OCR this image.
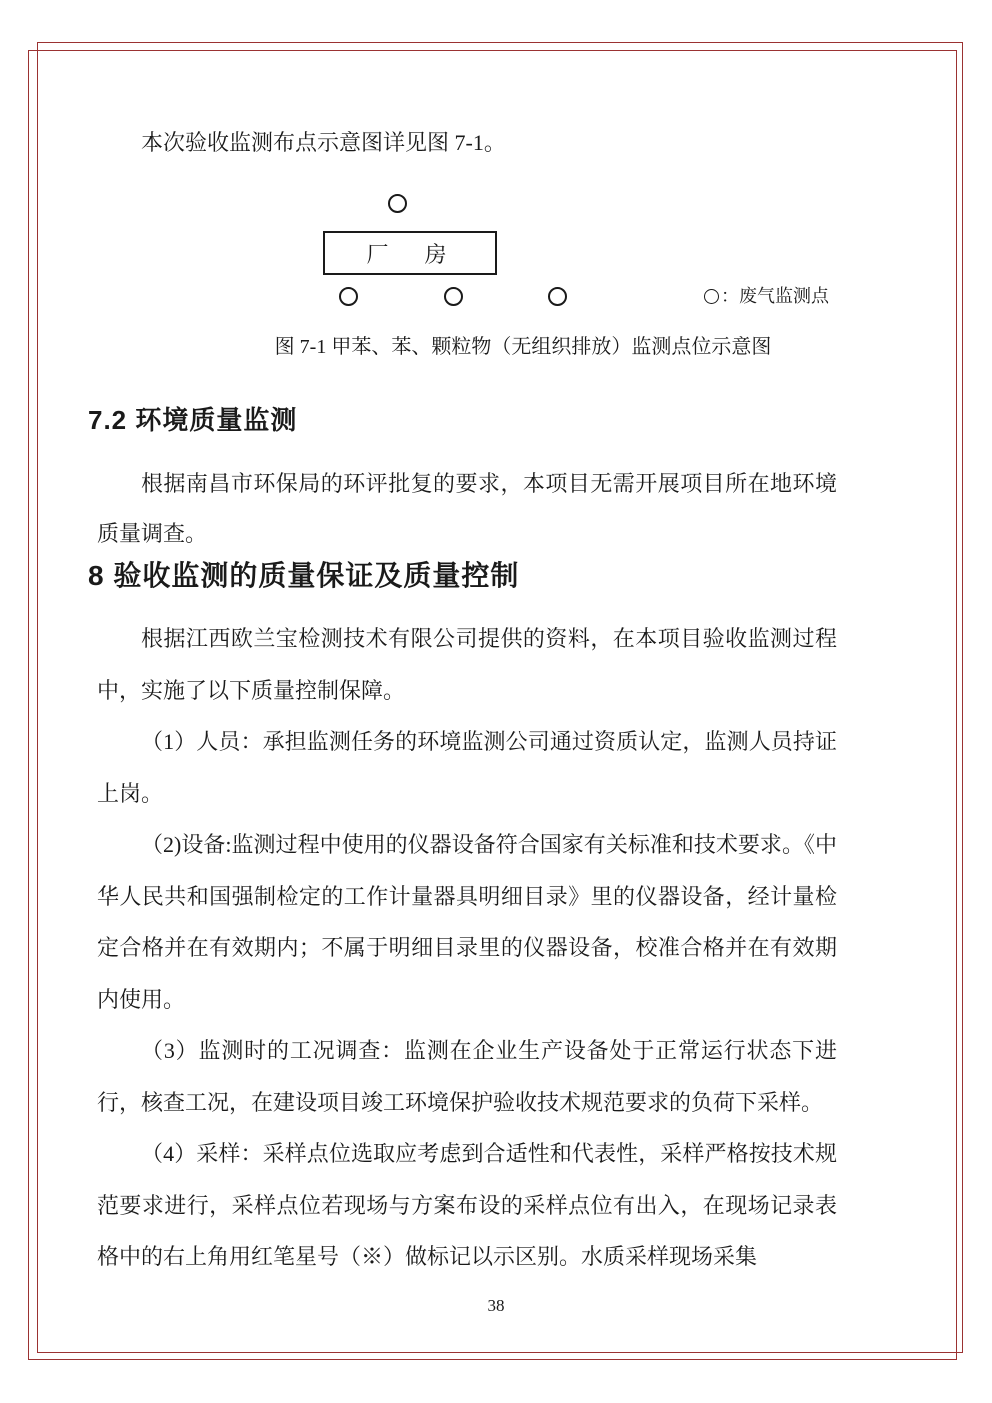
本次验收监测布点示意图详见图 7-1。
厂　房
：废气监测点
图 7-1 甲苯、苯、颗粒物（无组织排放）监测点位示意图
7.2 环境质量监测
根据南昌市环保局的环评批复的要求，本项目无需开展项目所在地环境质量调查。
8 验收监测的质量保证及质量控制

根据江西欧兰宝检测技术有限公司提供的资料，在本项目验收监测过程中，实施了以下质量控制保障。

（1）人员：承担监测任务的环境监测公司通过资质认定，监测人员持证上岗。

（2)设备:监测过程中使用的仪器设备符合国家有关标准和技术要求。《中华人民共和国强制检定的工作计量器具明细目录》里的仪器设备，经计量检定合格并在有效期内；不属于明细目录里的仪器设备，校准合格并在有效期内使用。

（3）监测时的工况调查：监测在企业生产设备处于正常运行状态下进行，核查工况，在建设项目竣工环境保护验收技术规范要求的负荷下采样。

（4）采样：采样点位选取应考虑到合适性和代表性，采样严格按技术规范要求进行，采样点位若现场与方案布设的采样点位有出入，在现场记录表格中的右上角用红笔星号（※）做标记以示区别。水质采样现场采集

38
